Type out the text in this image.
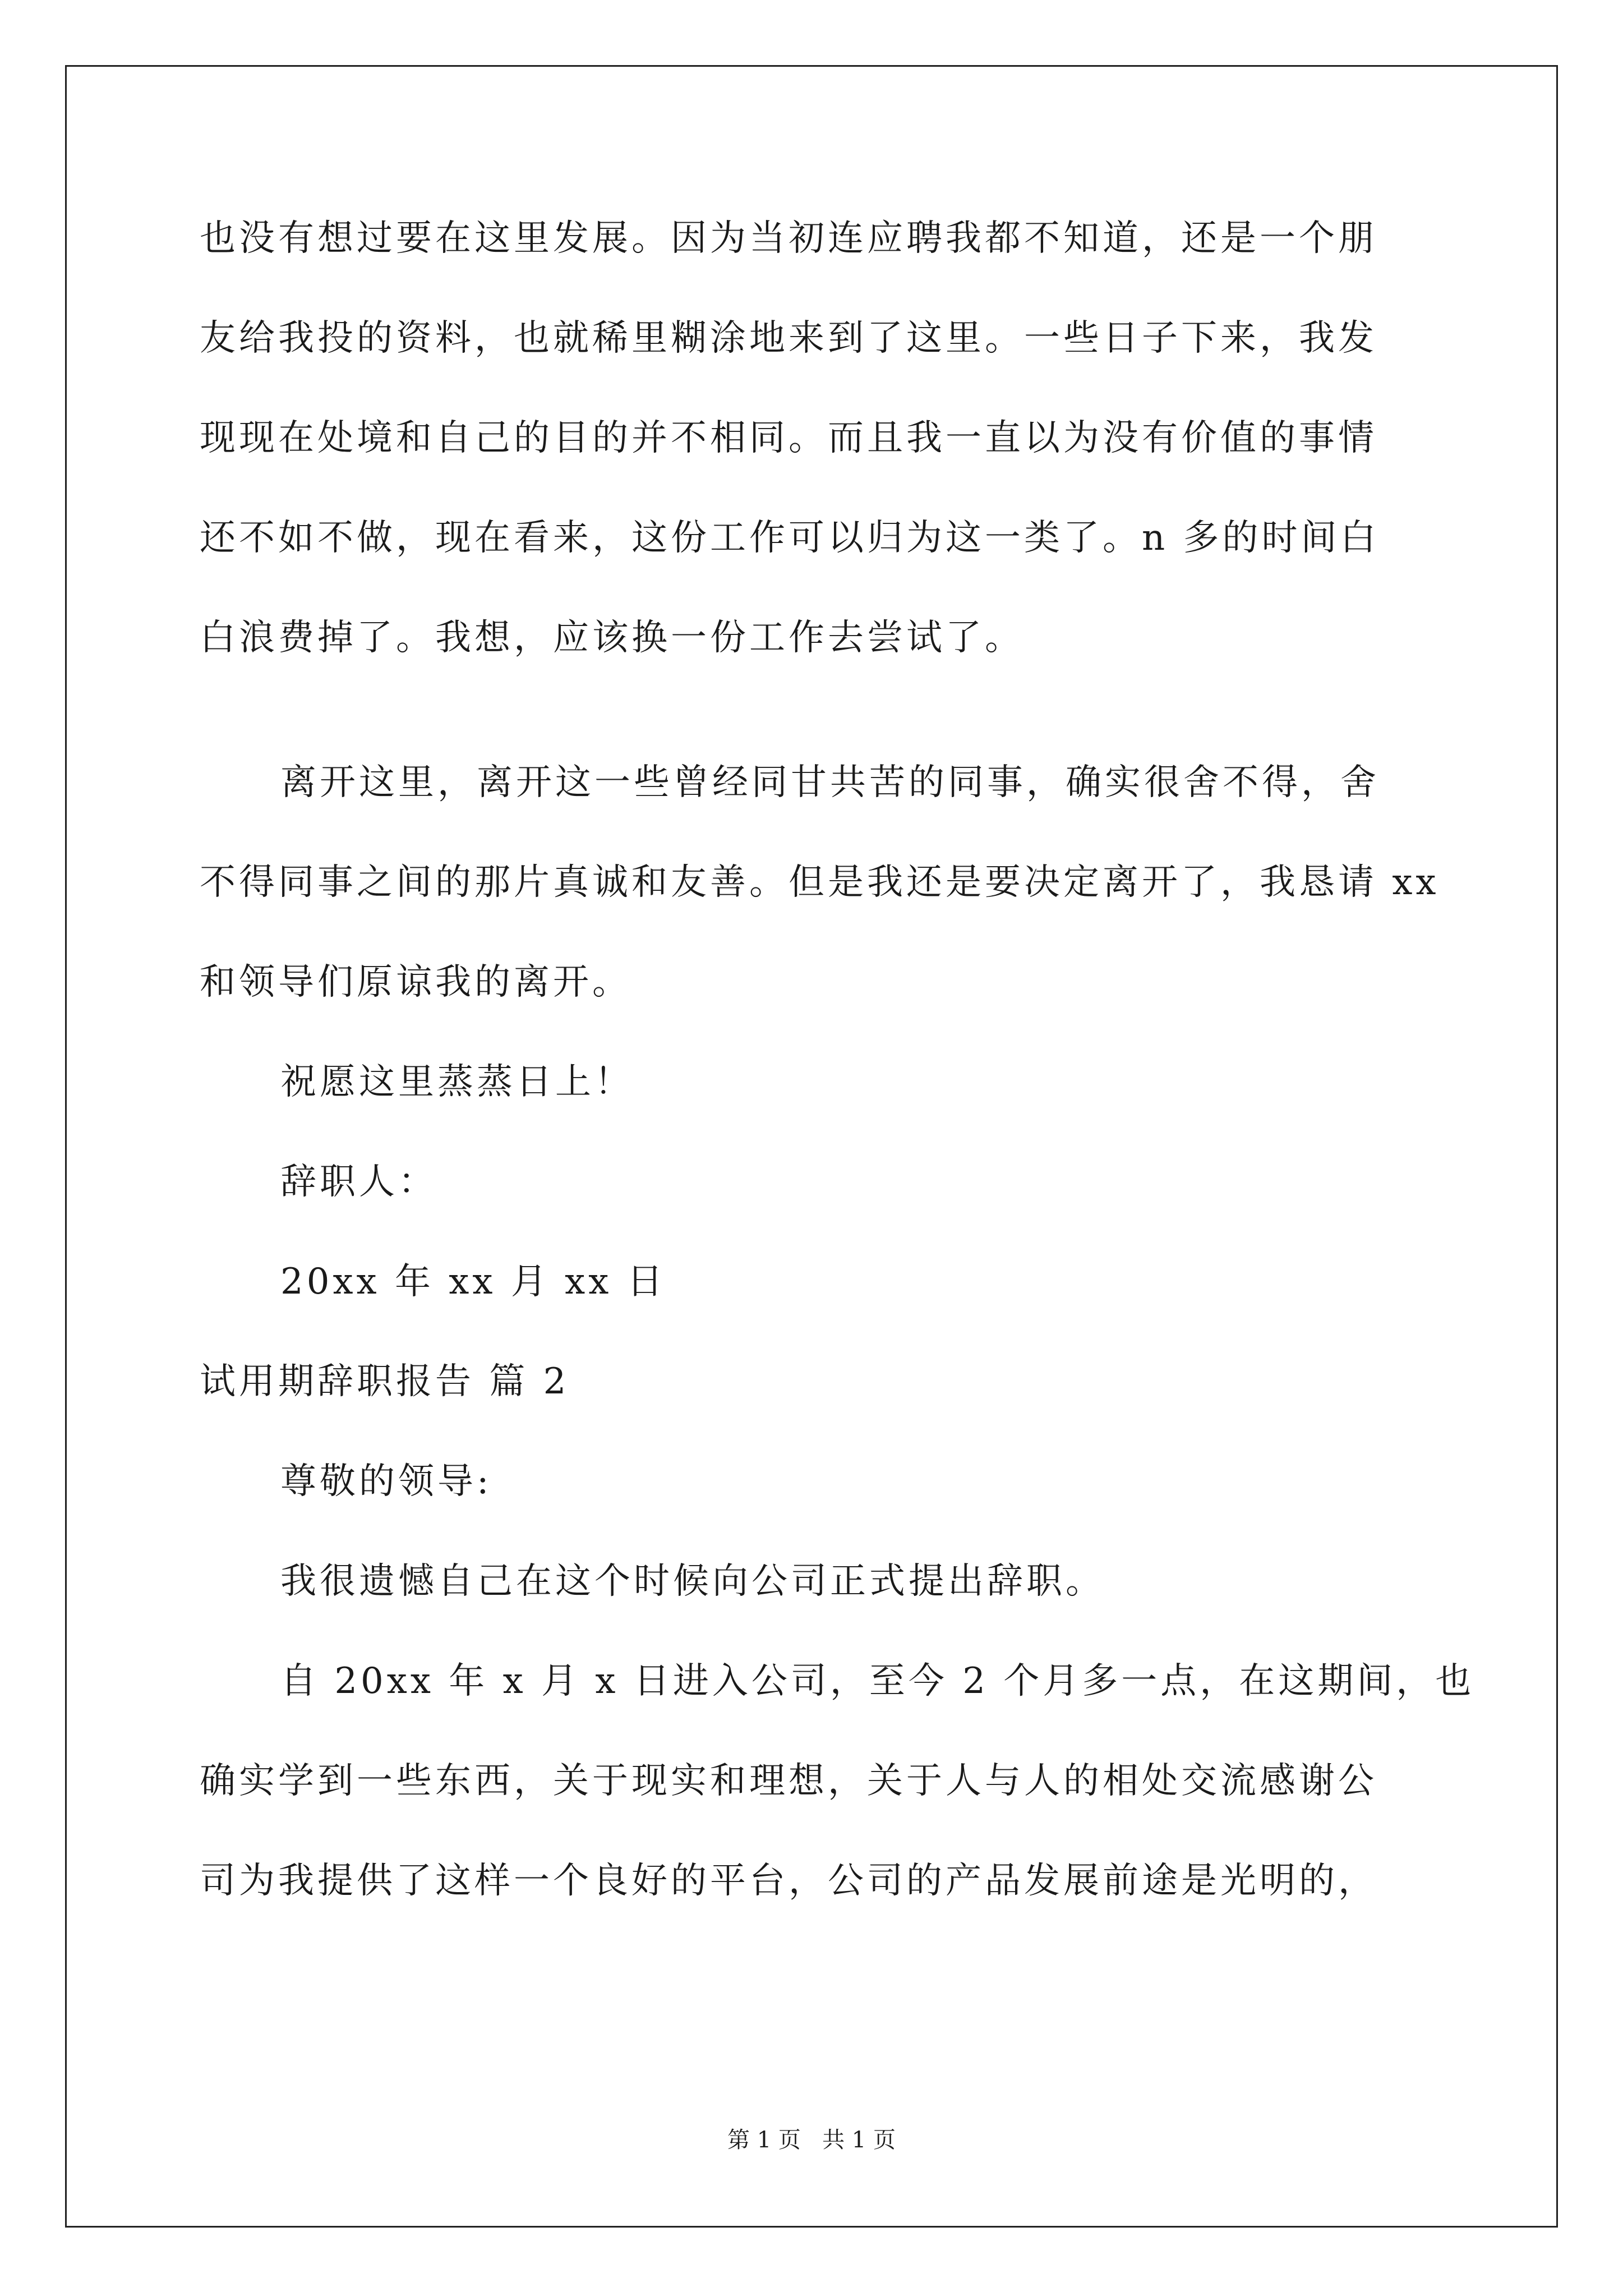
也没有想过要在这里发展。因为当初连应聘我都不知道，还是一个朋
友给我投的资料，也就稀里糊涂地来到了这里。一些日子下来，我发
现现在处境和自己的目的并不相同。而且我一直以为没有价值的事情
还不如不做，现在看来，这份工作可以归为这一类了。n 多的时间白
白浪费掉了。我想，应该换一份工作去尝试了。
离开这里，离开这一些曾经同甘共苦的同事，确实很舍不得，舍
不得同事之间的那片真诚和友善。但是我还是要决定离开了，我恳请 xx
和领导们原谅我的离开。
祝愿这里蒸蒸日上！
辞职人：
20xx 年 xx 月 xx 日
试用期辞职报告 篇 2
尊敬的领导:
我很遗憾自己在这个时候向公司正式提出辞职。
自 20xx 年 x 月 x 日进入公司，至今 2 个月多一点，在这期间，也
确实学到一些东西，关于现实和理想，关于人与人的相处交流感谢公
司为我提供了这样一个良好的平台，公司的产品发展前途是光明的，
第 1 页   共 1 页
